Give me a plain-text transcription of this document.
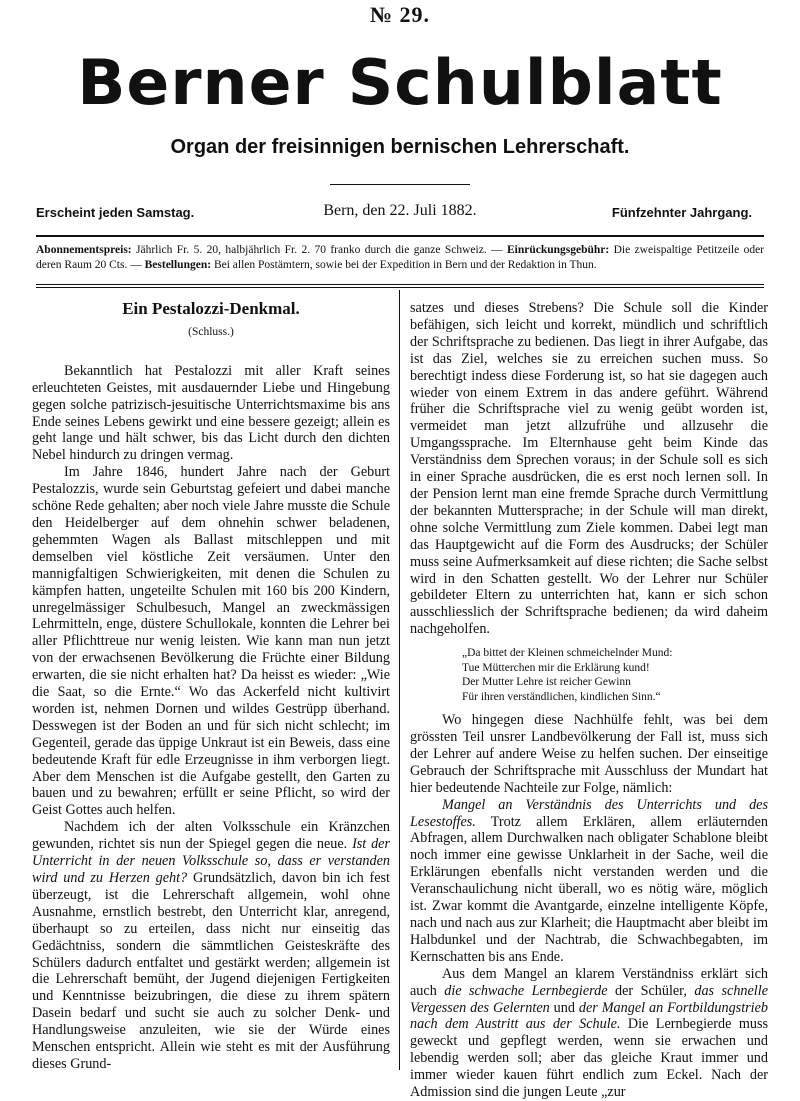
№ 29.
Berner Schulblatt
Organ der freisinnigen bernischen Lehrerschaft.
Erscheint jeden Samstag.	Bern, den 22. Juli 1882.	Fünfzehnter Jahrgang.
Abonnementspreis: Jährlich Fr. 5. 20, halbjährlich Fr. 2. 70 franko durch die ganze Schweiz. — Einrückungsgebühr: Die zweispaltige Petitzeile oder deren Raum 20 Cts. — Bestellungen: Bei allen Postämtern, sowie bei der Expedition in Bern und der Redaktion in Thun.
Ein Pestalozzi-Denkmal.
(Schluss.)

Bekanntlich hat Pestalozzi mit aller Kraft seines erleuchteten Geistes, mit ausdauernder Liebe und Hingebung gegen solche patrizisch-jesuitische Unterrichtsmaxime bis ans Ende seines Lebens gewirkt und eine bessere gezeigt; allein es geht lange und hält schwer, bis das Licht durch den dichten Nebel hindurch zu dringen vermag.

Im Jahre 1846, hundert Jahre nach der Geburt Pestalozzis, wurde sein Geburtstag gefeiert und dabei manche schöne Rede gehalten; aber noch viele Jahre musste die Schule den Heidelberger auf dem ohnehin schwer beladenen, gehemmten Wagen als Ballast mitschleppen und mit demselben viel köstliche Zeit versäumen. Unter den mannigfaltigen Schwierigkeiten, mit denen die Schulen zu kämpfen hatten, ungeteilte Schulen mit 160 bis 200 Kindern, unregelmässiger Schulbesuch, Mangel an zweckmässigen Lehrmitteln, enge, düstere Schullokale, konnten die Lehrer bei aller Pflichttreue nur wenig leisten. Wie kann man nun jetzt von der erwachsenen Bevölkerung die Früchte einer Bildung erwarten, die sie nicht erhalten hat? Da heisst es wieder: „Wie die Saat, so die Ernte.“ Wo das Ackerfeld nicht kultivirt worden ist, nehmen Dornen und wildes Gestrüpp überhand. Desswegen ist der Boden an und für sich nicht schlecht; im Gegenteil, gerade das üppige Unkraut ist ein Beweis, dass eine bedeutende Kraft für edle Erzeugnisse in ihm verborgen liegt. Aber dem Menschen ist die Aufgabe gestellt, den Garten zu bauen und zu bewahren; erfüllt er seine Pflicht, so wird der Geist Gottes auch helfen.

Nachdem ich der alten Volksschule ein Kränzchen gewunden, richtet sis nun der Spiegel gegen die neue. Ist der Unterricht in der neuen Volksschule so, dass er verstanden wird und zu Herzen geht? Grundsätzlich, davon bin ich fest überzeugt, ist die Lehrerschaft allgemein, wohl ohne Ausnahme, ernstlich bestrebt, den Unterricht klar, anregend, überhaupt so zu erteilen, dass nicht nur einseitig das Gedächtniss, sondern die sämmtlichen Geisteskräfte des Schülers dadurch entfaltet und gestärkt werden; allgemein ist die Lehrerschaft bemüht, der Jugend diejenigen Fertigkeiten und Kenntnisse beizubringen, die diese zu ihrem spätern Dasein bedarf und sucht sie auch zu solcher Denk- und Handlungsweise anzuleiten, wie sie der Würde eines Menschen entspricht. Allein wie steht es mit der Ausführung dieses Grund-

satzes und dieses Strebens? Die Schule soll die Kinder befähigen, sich leicht und korrekt, mündlich und schriftlich der Schriftsprache zu bedienen. Das liegt in ihrer Aufgabe, das ist das Ziel, welches sie zu erreichen suchen muss. So berechtigt indess diese Forderung ist, so hat sie dagegen auch wieder von einem Extrem in das andere geführt. Während früher die Schriftsprache viel zu wenig geübt worden ist, vermeidet man jetzt allzufrühe und allzusehr die Umgangssprache. Im Elternhause geht beim Kinde das Verständniss dem Sprechen voraus; in der Schule soll es sich in einer Sprache ausdrücken, die es erst noch lernen soll. In der Pension lernt man eine fremde Sprache durch Vermittlung der bekannten Muttersprache; in der Schule will man direkt, ohne solche Vermittlung zum Ziele kommen. Dabei legt man das Hauptgewicht auf die Form des Ausdrucks; der Schüler muss seine Aufmerksamkeit auf diese richten; die Sache selbst wird in den Schatten gestellt. Wo der Lehrer nur Schüler gebildeter Eltern zu unterrichten hat, kann er sich schon ausschliesslich der Schriftsprache bedienen; da wird daheim nachgeholfen.

„Da bittet der Kleinen schmeichelnder Mund:
Tue Mütterchen mir die Erklärung kund!
Der Mutter Lehre ist reicher Gewinn
Für ihren verständlichen, kindlichen Sinn.“

Wo hingegen diese Nachhülfe fehlt, was bei dem grössten Teil unsrer Landbevölkerung der Fall ist, muss sich der Lehrer auf andere Weise zu helfen suchen. Der einseitige Gebrauch der Schriftsprache mit Ausschluss der Mundart hat hier bedeutende Nachteile zur Folge, nämlich:

Mangel an Verständnis des Unterrichts und des Lesestoffes. Trotz allem Erklären, allem erläuternden Abfragen, allem Durchwalken nach obligater Schablone bleibt noch immer eine gewisse Unklarheit in der Sache, weil die Erklärungen ebenfalls nicht verstanden werden und die Veranschaulichung nicht überall, wo es nötig wäre, möglich ist. Zwar kommt die Avantgarde, einzelne intelligente Köpfe, nach und nach aus zur Klarheit; die Hauptmacht aber bleibt im Halbdunkel und der Nachtrab, die Schwachbegabten, im Kernschatten bis ans Ende.

Aus dem Mangel an klarem Verständniss erklärt sich auch die schwache Lernbegierde der Schüler, das schnelle Vergessen des Gelernten und der Mangel an Fortbildungstrieb nach dem Austritt aus der Schule. Die Lernbegierde muss geweckt und gepflegt werden, wenn sie erwachen und lebendig werden soll; aber das gleiche Kraut immer und immer wieder kauen führt endlich zum Eckel. Nach der Admission sind die jungen Leute „zur
